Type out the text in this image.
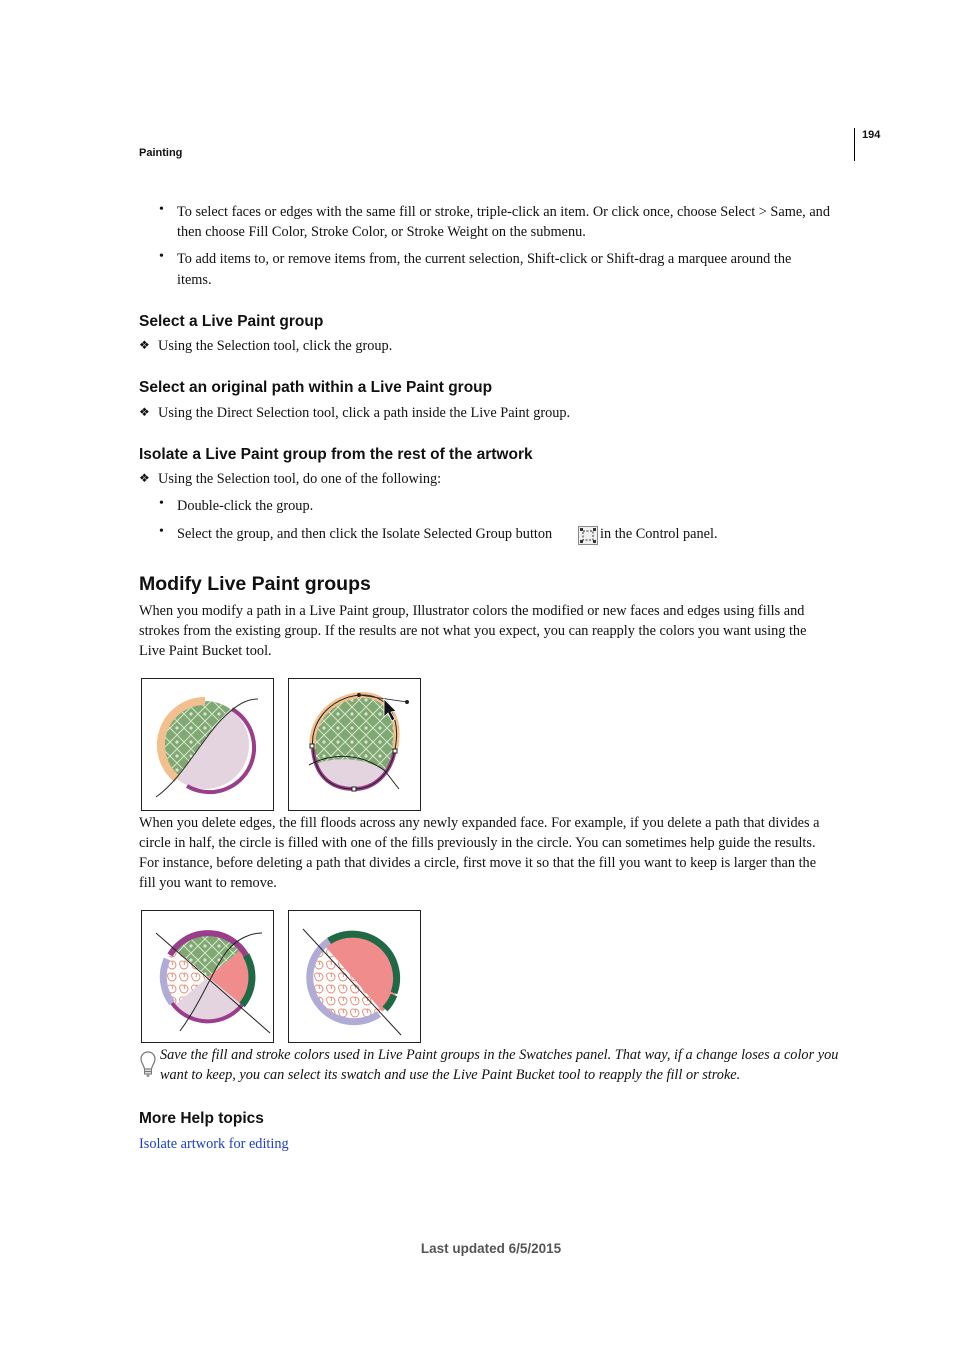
Painting
194
• To select faces or edges with the same fill or stroke, triple-click an item. Or click once, choose Select > Same, and
then choose Fill Color, Stroke Color, or Stroke Weight on the submenu.
• To add items to, or remove items from, the current selection, Shift-click or Shift-drag a marquee around the
items.
Select a Live Paint group
❖ Using the Selection tool, click the group.
Select an original path within a Live Paint group
❖ Using the Direct Selection tool, click a path inside the Live Paint group.
Isolate a Live Paint group from the rest of the artwork
❖ Using the Selection tool, do one of the following:
• Double-click the group.
• Select the group, and then click the Isolate Selected Group button	in the Control panel.
Modify Live Paint groups
When you modify a path in a Live Paint group, Illustrator colors the modified or new faces and edges using fills and
strokes from the existing group. If the results are not what you expect, you can reapply the colors you want using the
Live Paint Bucket tool.
When you delete edges, the fill floods across any newly expanded face. For example, if you delete a path that divides a
circle in half, the circle is filled with one of the fills previously in the circle. You can sometimes help guide the results.
For instance, before deleting a path that divides a circle, first move it so that the fill you want to keep is larger than the
fill you want to remove.
Save the fill and stroke colors used in Live Paint groups in the Swatches panel. That way, if a change loses a color you
want to keep, you can select its swatch and use the Live Paint Bucket tool to reapply the fill or stroke.
More Help topics
Isolate artwork for editing
Last updated 6/5/2015
